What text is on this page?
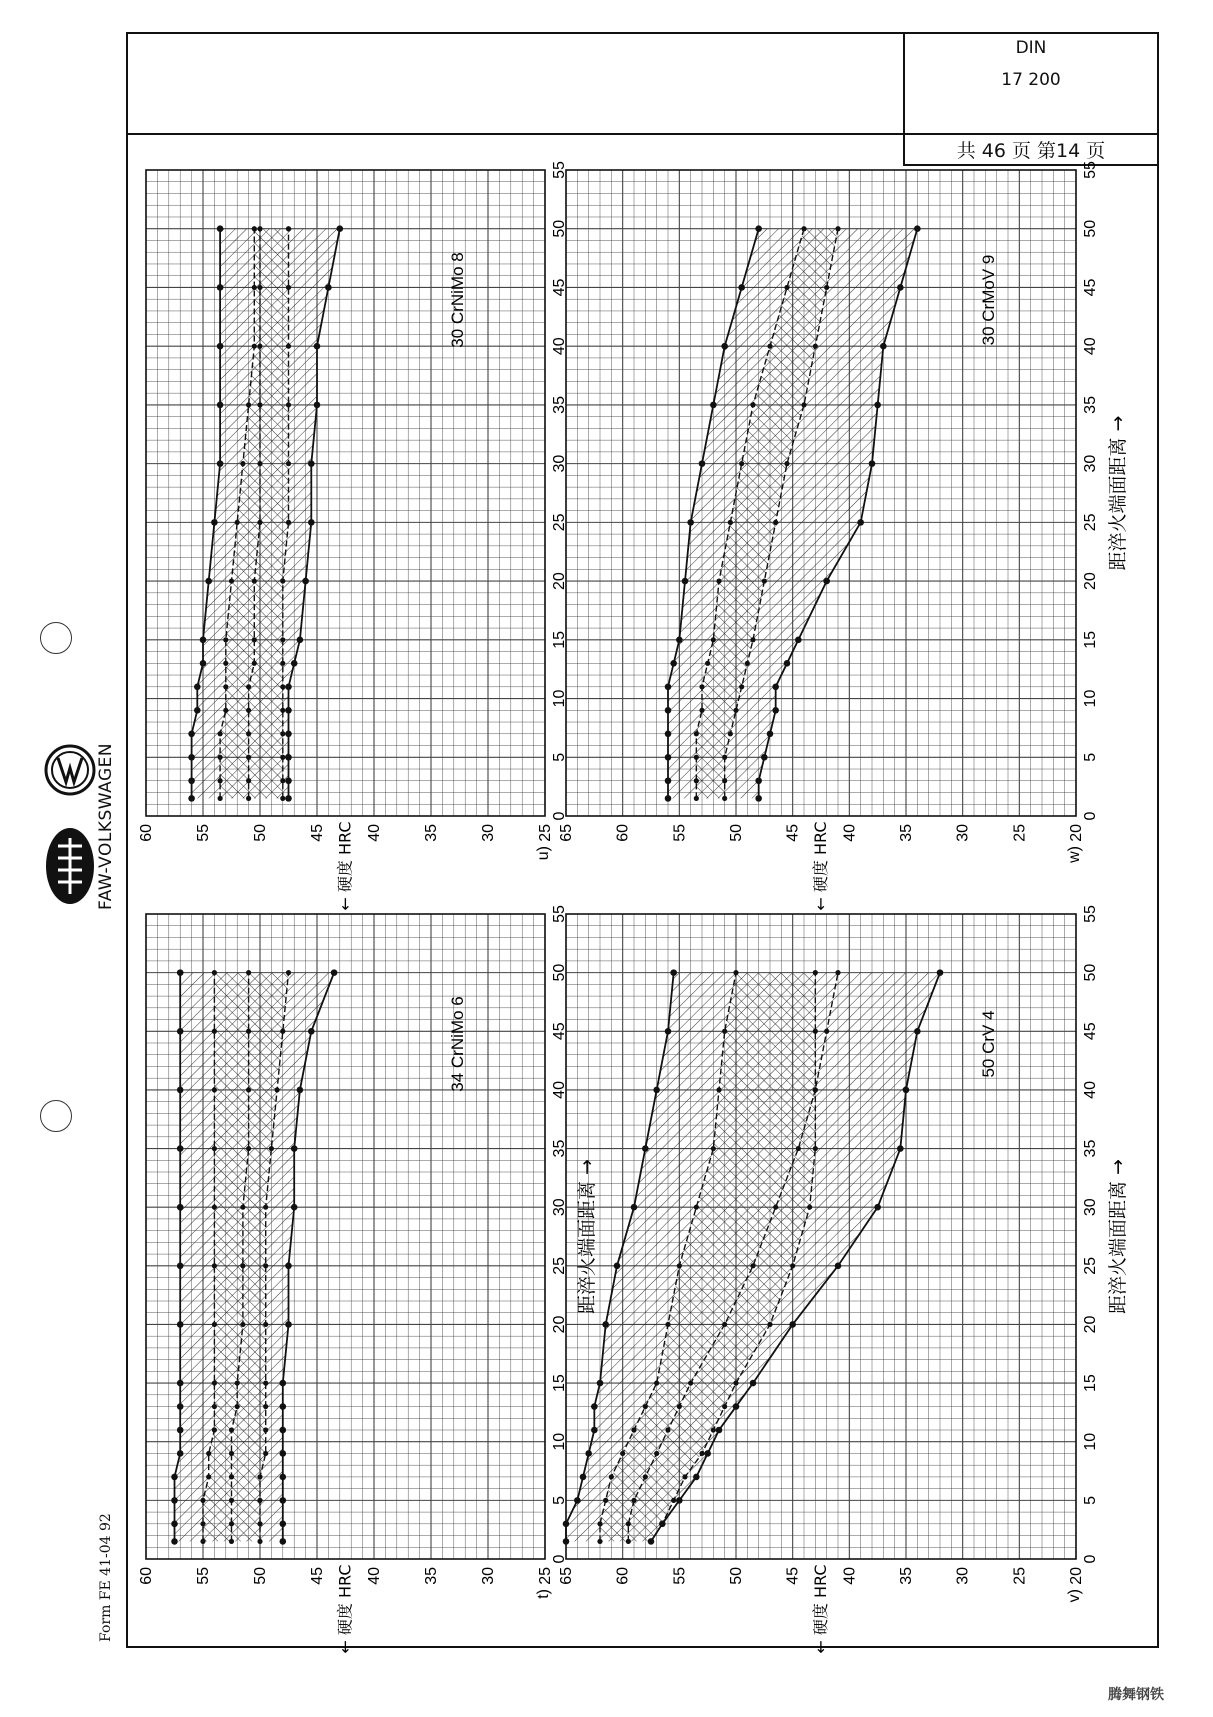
DIN
17 200
共 46 页 第14 页
FAW-VOLKSWAGEN
Form FE 41-04 92
腾舞钢铁
60	55	50	45	40	35	30	25
0
5
10
15
20
25
30
35
40
45
50
55
t)
← 硬度 HRC
34 CrNiMo 6
距淬火端面距离 →
60	55	50	45	40	35	30	25
0
5
10
15
20
25
30
35
40
45
50
55
u)
← 硬度 HRC
30 CrNiMo 8
65 60 55 50 45 40 35 30 25 20
0
5
10
15
20
25
30
35
40
45
50
55
v)
← 硬度 HRC
50 CrV 4
距淬火端面距离 →
65 60 55 50 45 40 35 30 25 20
0
5
10
15
20
25
30
35
40
45
50
55
w)
← 硬度 HRC
30 CrMoV 9
距淬火端面距离 →
